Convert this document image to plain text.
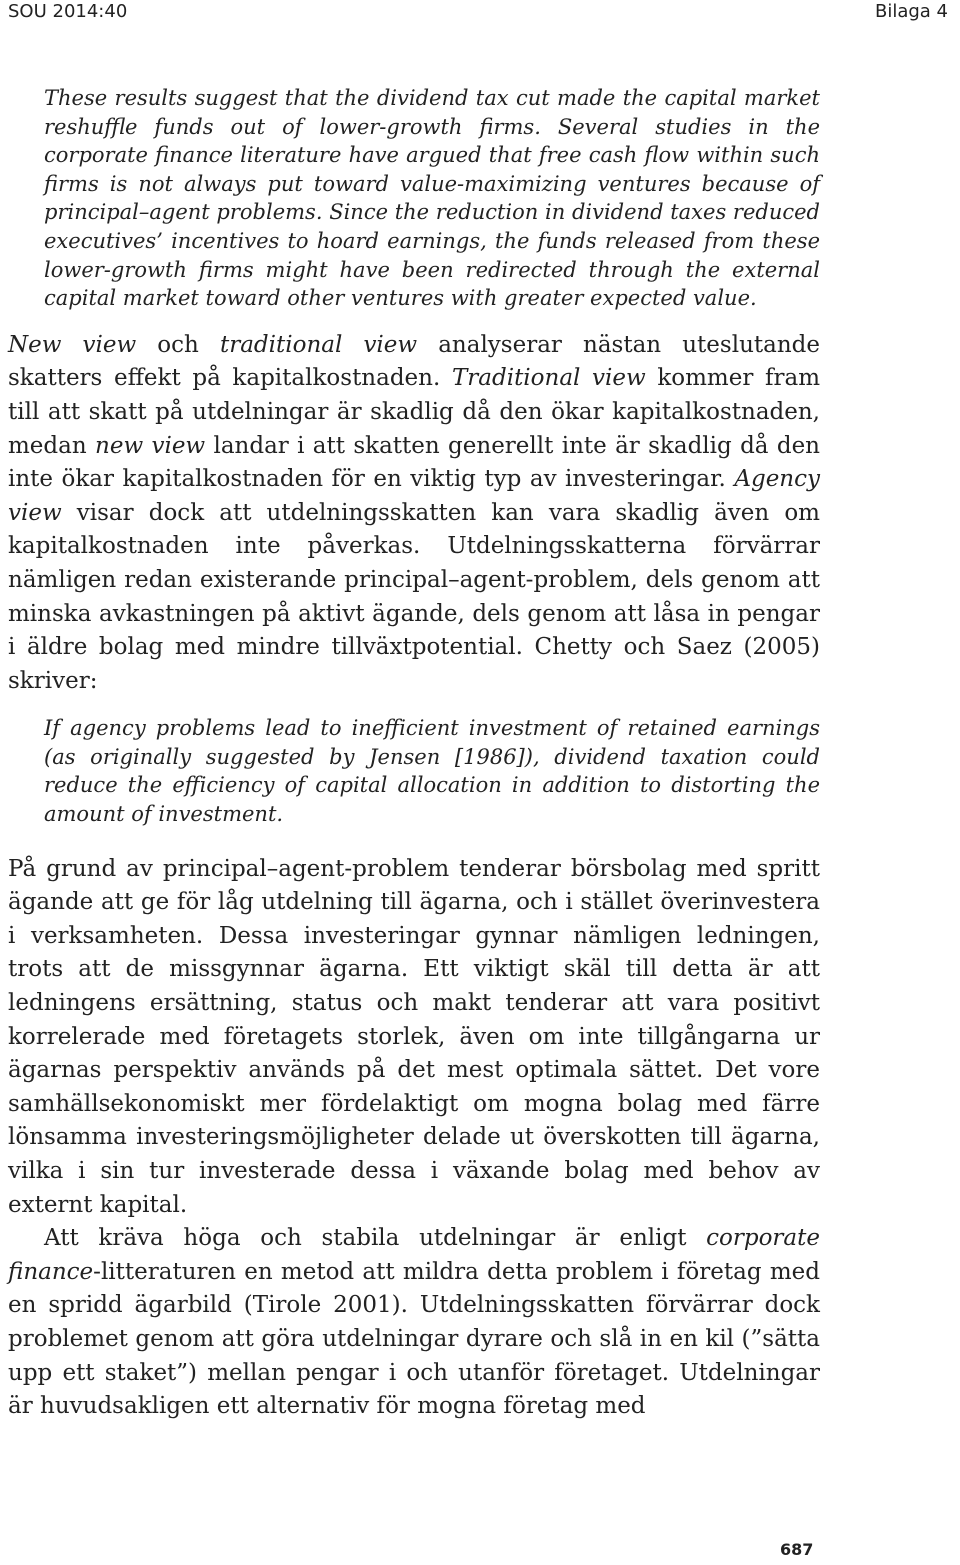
SOU 2014:40	Bilaga 4
These results suggest that the dividend tax cut made the capital market reshuffle funds out of lower-growth firms. Several studies in the corporate finance literature have argued that free cash flow within such firms is not always put toward value-maximizing ventures because of principal–agent problems. Since the reduction in dividend taxes reduced executives’ incentives to hoard earnings, the funds released from these lower-growth firms might have been redirected through the external capital market toward other ventures with greater expected value.

New view och traditional view analyserar nästan uteslutande skatters effekt på kapitalkostnaden. Traditional view kommer fram till att skatt på utdelningar är skadlig då den ökar kapitalkostnaden, medan new view landar i att skatten generellt inte är skadlig då den inte ökar kapitalkostnaden för en viktig typ av investeringar. Agency view visar dock att utdelningsskatten kan vara skadlig även om kapitalkostnaden inte påverkas. Utdelningsskatterna förvärrar nämligen redan existerande principal–agent-problem, dels genom att minska avkastningen på aktivt ägande, dels genom att låsa in pengar i äldre bolag med mindre tillväxtpotential. Chetty och Saez (2005) skriver:

If agency problems lead to inefficient investment of retained earnings (as originally suggested by Jensen [1986]), dividend taxation could reduce the efficiency of capital allocation in addition to distorting the amount of investment.

På grund av principal–agent-problem tenderar börsbolag med spritt ägande att ge för låg utdelning till ägarna, och i stället överinvestera i verksamheten. Dessa investeringar gynnar nämligen ledningen, trots att de missgynnar ägarna. Ett viktigt skäl till detta är att ledningens ersättning, status och makt tenderar att vara positivt korrelerade med företagets storlek, även om inte tillgångarna ur ägarnas perspektiv används på det mest optimala sättet. Det vore samhällsekonomiskt mer fördelaktigt om mogna bolag med färre lönsamma investeringsmöjligheter delade ut överskotten till ägarna, vilka i sin tur investerade dessa i växande bolag med behov av externt kapital.

Att kräva höga och stabila utdelningar är enligt corporate finance-litteraturen en metod att mildra detta problem i företag med en spridd ägarbild (Tirole 2001). Utdelningsskatten förvärrar dock problemet genom att göra utdelningar dyrare och slå in en kil (”sätta upp ett staket”) mellan pengar i och utanför företaget. Utdelningar är huvudsakligen ett alternativ för mogna företag med

687
